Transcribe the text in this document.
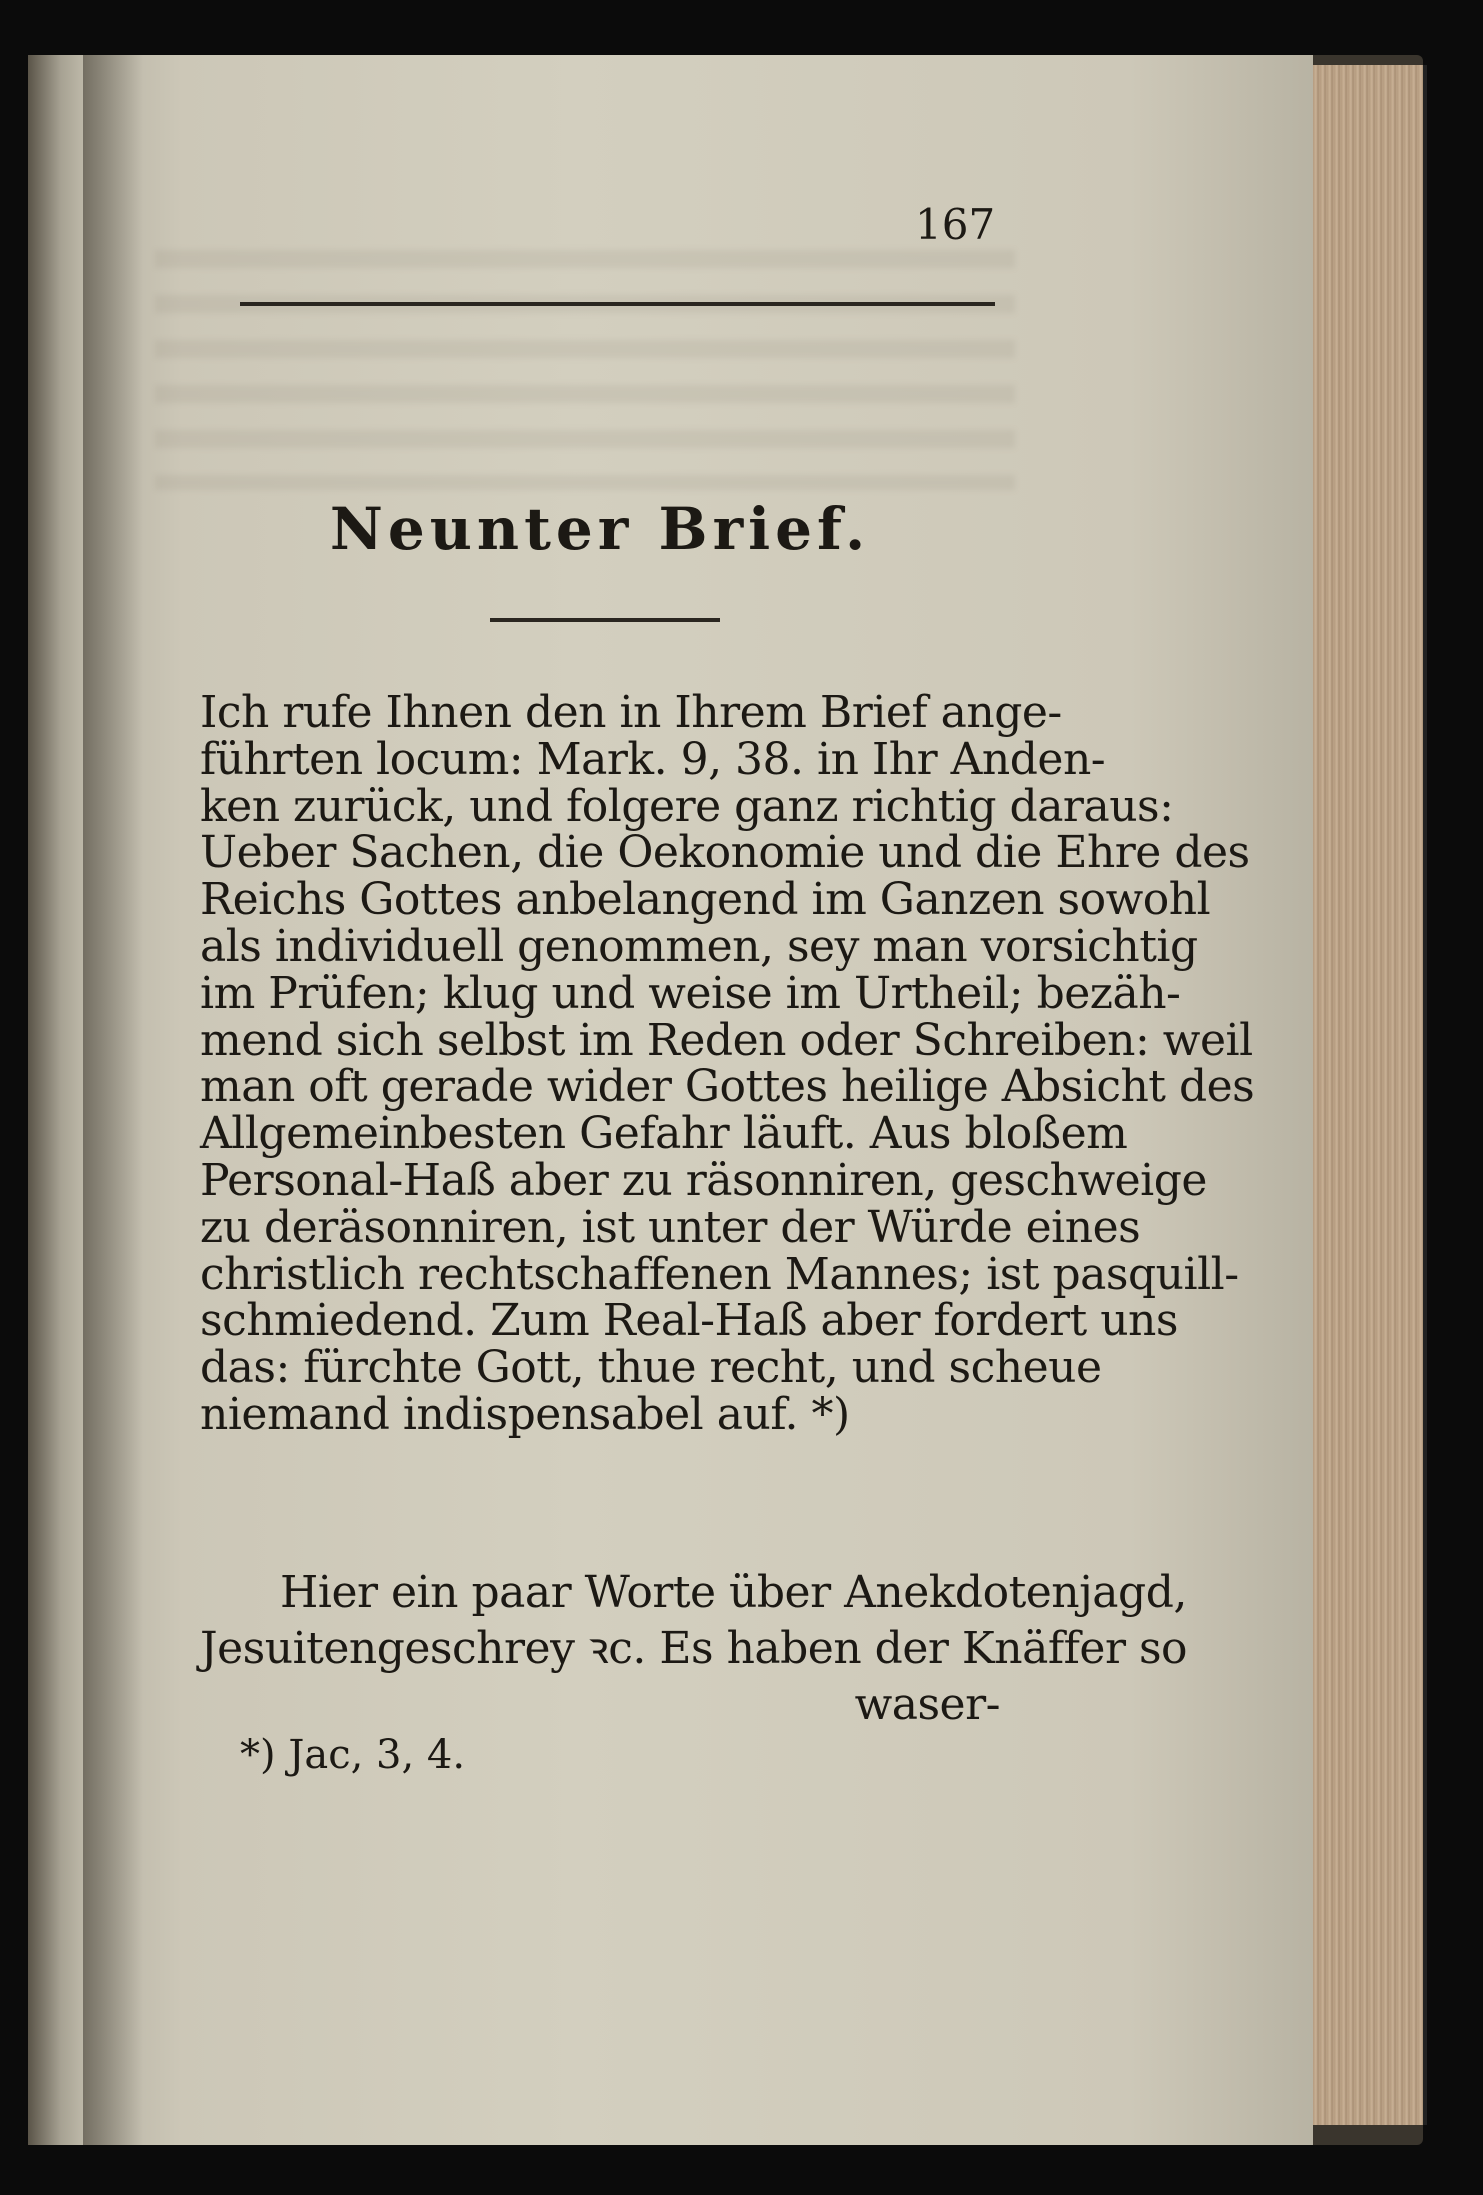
167
Neunter Brief.
Ich rufe Ihnen den in Ihrem Brief ange-
führten locum: Mark. 9, 38. in Ihr Anden-
ken zurück, und folgere ganz richtig daraus:
Ueber Sachen, die Oekonomie und die Ehre des
Reichs Gottes anbelangend im Ganzen sowohl
als individuell genommen, sey man vorsichtig
im Prüfen; klug und weise im Urtheil; bezäh-
mend sich selbst im Reden oder Schreiben: weil
man oft gerade wider Gottes heilige Absicht des
Allgemeinbesten Gefahr läuft. Aus bloßem
Personal-Haß aber zu räsonniren, geschweige
zu deräsonniren, ist unter der Würde eines
christlich rechtschaffenen Mannes; ist pasquill-
schmiedend. Zum Real-Haß aber fordert uns
das: fürchte Gott, thue recht, und scheue
niemand indispensabel auf. *)
Hier ein paar Worte über Anekdotenjagd,
Jesuitengeschrey ꝛc. Es haben der Knäffer so
waser-
*) Jac, 3, 4.
